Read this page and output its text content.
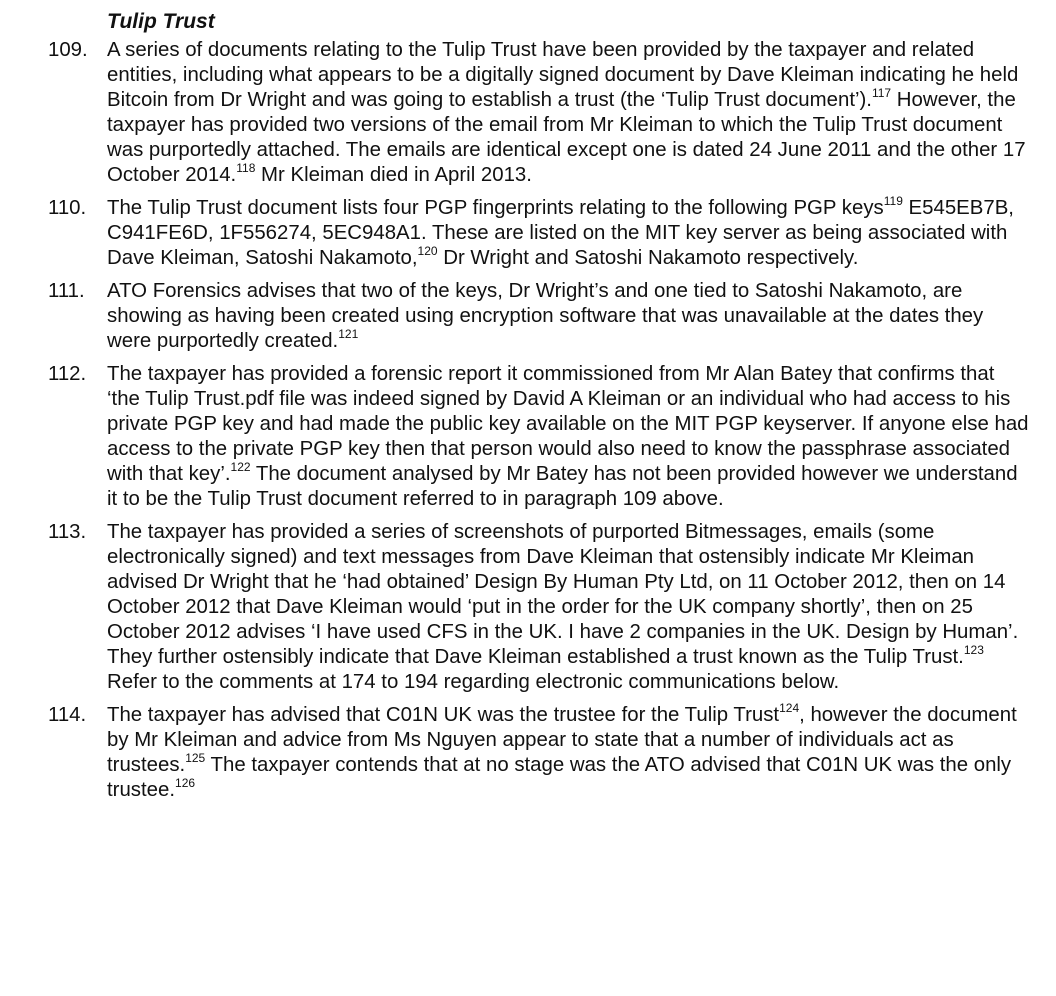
Tulip Trust
109. A series of documents relating to the Tulip Trust have been provided by the taxpayer and related entities, including what appears to be a digitally signed document by Dave Kleiman indicating he held Bitcoin from Dr Wright and was going to establish a trust (the ‘Tulip Trust document’).$^{117}$ However, the taxpayer has provided two versions of the email from Mr Kleiman to which the Tulip Trust document was purportedly attached. The emails are identical except one is dated 24 June 2011 and the other 17 October 2014.$^{118}$ Mr Kleiman died in April 2013.
110.	The Tulip Trust document lists four PGP fingerprints relating to the following PGP keys$^{119}$ E545EB7B, C941FE6D, 1F556274, 5EC948A1. These are listed on the MIT key server as being associated with Dave Kleiman, Satoshi Nakamoto,$^{120}$ Dr Wright and Satoshi Nakamoto respectively.
111.	ATO Forensics advises that two of the keys, Dr Wright’s and one tied to Satoshi Nakamoto, are showing as having been created using encryption software that was unavailable at the dates they were purportedly created.$^{121}$
112.	The taxpayer has provided a forensic report it commissioned from Mr Alan Batey that confirms that ‘the Tulip Trust.pdf file was indeed signed by David A Kleiman or an individual who had access to his private PGP key and had made the public key available on the MIT PGP keyserver. If anyone else had access to the private PGP key then that person would also need to know the passphrase associated with that key’.$^{122}$ The document analysed by Mr Batey has not been provided however we understand it to be the Tulip Trust document referred to in paragraph 109 above.
113.	The taxpayer has provided a series of screenshots of purported Bitmessages, emails (some electronically signed) and text messages from Dave Kleiman that ostensibly indicate Mr Kleiman advised Dr Wright that he ‘had obtained’ Design By Human Pty Ltd, on 11 October 2012, then on 14 October 2012 that Dave Kleiman would ‘put in the order for the UK company shortly’, then on 25 October 2012 advises ‘I have used CFS in the UK. I have 2 companies in the UK. Design by Human’. They further ostensibly indicate that Dave Kleiman established a trust known as the Tulip Trust.$^{123}$ Refer to the comments at 174 to 194 regarding electronic communications below.
114.	The taxpayer has advised that C01N UK was the trustee for the Tulip Trust$^{124}$, however the document by Mr Kleiman and advice from Ms Nguyen appear to state that a number of individuals act as trustees.$^{125}$ The taxpayer contends that at no stage was the ATO advised that C01N UK was the only trustee.$^{126}$
